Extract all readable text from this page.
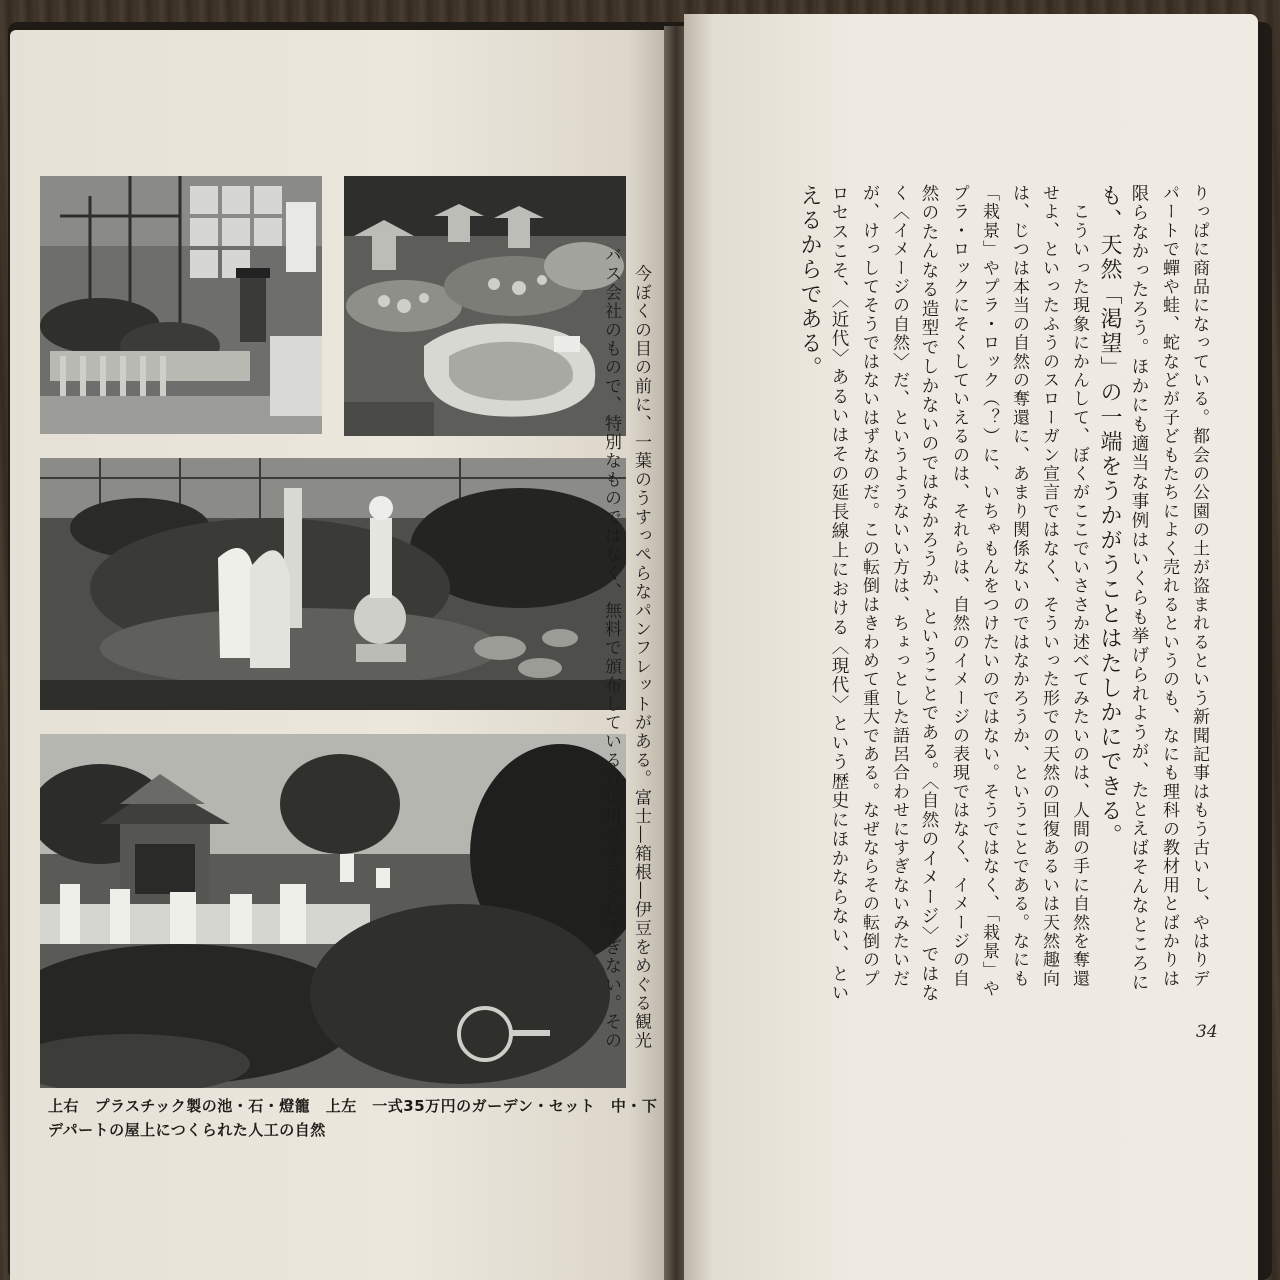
上右　プラスチック製の池・石・燈籠　上左　一式35万円のガーデン・セット　中・下
デパートの屋上につくられた人工の自然
　今ぼくの目の前に、一葉のうすっぺらなパンフレットがある。富士―箱根―伊豆をめぐる観光
バス会社のもので、特別なものではなく、無料で頒布している宣伝用のチラシにすぎない。その	りっぱに商品になっている。都会の公園の土が盗まれるという新聞記事はもう古いし、やはりデ
パートで蟬や蛙、蛇などが子どもたちによく売れるというのも、なにも理科の教材用とばかりは
限らなかったろう。ほかにも適当な事例はいくらも挙げられようが、たとえばそんなところに
も、天然「渇望」の一端をうかがうことはたしかにできる。
　こういった現象にかんして、ぼくがここでいささか述べてみたいのは、人間の手に自然を奪還
せよ、といったふうのスローガン宣言ではなく、そういった形での天然の回復あるいは天然趣向
は、じつは本当の自然の奪還に、あまり関係ないのではなかろうか、ということである。なにも
「栽景」やプラ・ロック（？）に、いちゃもんをつけたいのではない。そうではなく、「栽景」や
プラ・ロックにそくしていえるのは、それらは、自然のイメージの表現ではなく、イメージの自
然のたんなる造型でしかないのではなかろうか、ということである。〈自然のイメージ〉ではな
く〈イメージの自然〉だ、というようないい方は、ちょっとした語呂合わせにすぎないみたいだ
が、けっしてそうではないはずなのだ。この転倒はきわめて重大である。なぜならその転倒のプ
ロセスこそ、〈近代〉あるいはその延長線上における〈現代〉という歴史にほかならない、とい
えるからである。
34
